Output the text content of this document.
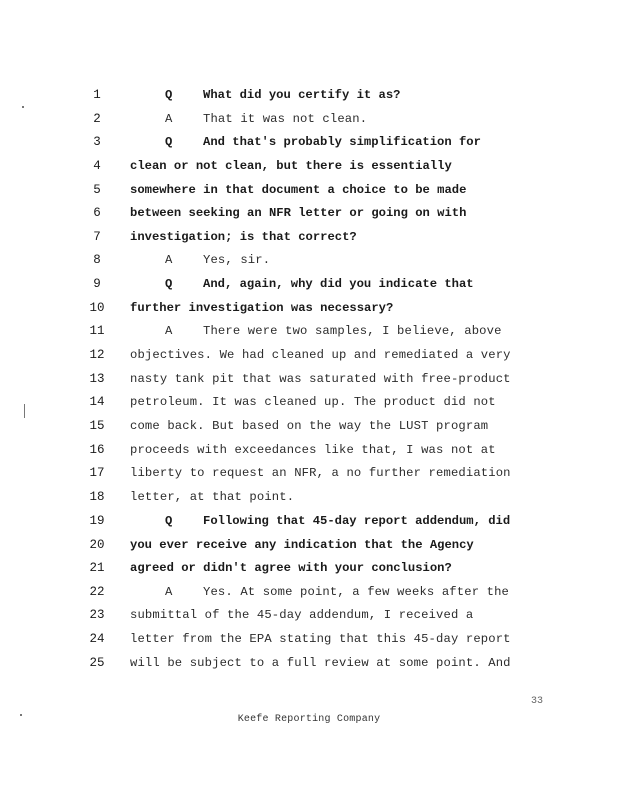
1	Q	What did you certify it as?
2	A	That it was not clean.
3	Q	And that's probably simplification for
4	clean or not clean, but there is essentially
5	somewhere in that document a choice to be made
6	between seeking an NFR letter or going on with
7	investigation; is that correct?
8	A	Yes, sir.
9	Q	And, again, why did you indicate that
10	further investigation was necessary?
11	A	There were two samples, I believe, above
12	objectives. We had cleaned up and remediated a very
13	nasty tank pit that was saturated with free-product
14	petroleum. It was cleaned up. The product did not
15	come back. But based on the way the LUST program
16	proceeds with exceedances like that, I was not at
17	liberty to request an NFR, a no further remediation
18	letter, at that point.
19	Q	Following that 45-day report addendum, did
20	you ever receive any indication that the Agency
21	agreed or didn't agree with your conclusion?
22	A	Yes. At some point, a few weeks after the
23	submittal of the 45-day addendum, I received a
24	letter from the EPA stating that this 45-day report
25	will be subject to a full review at some point. And
33
Keefe Reporting Company
